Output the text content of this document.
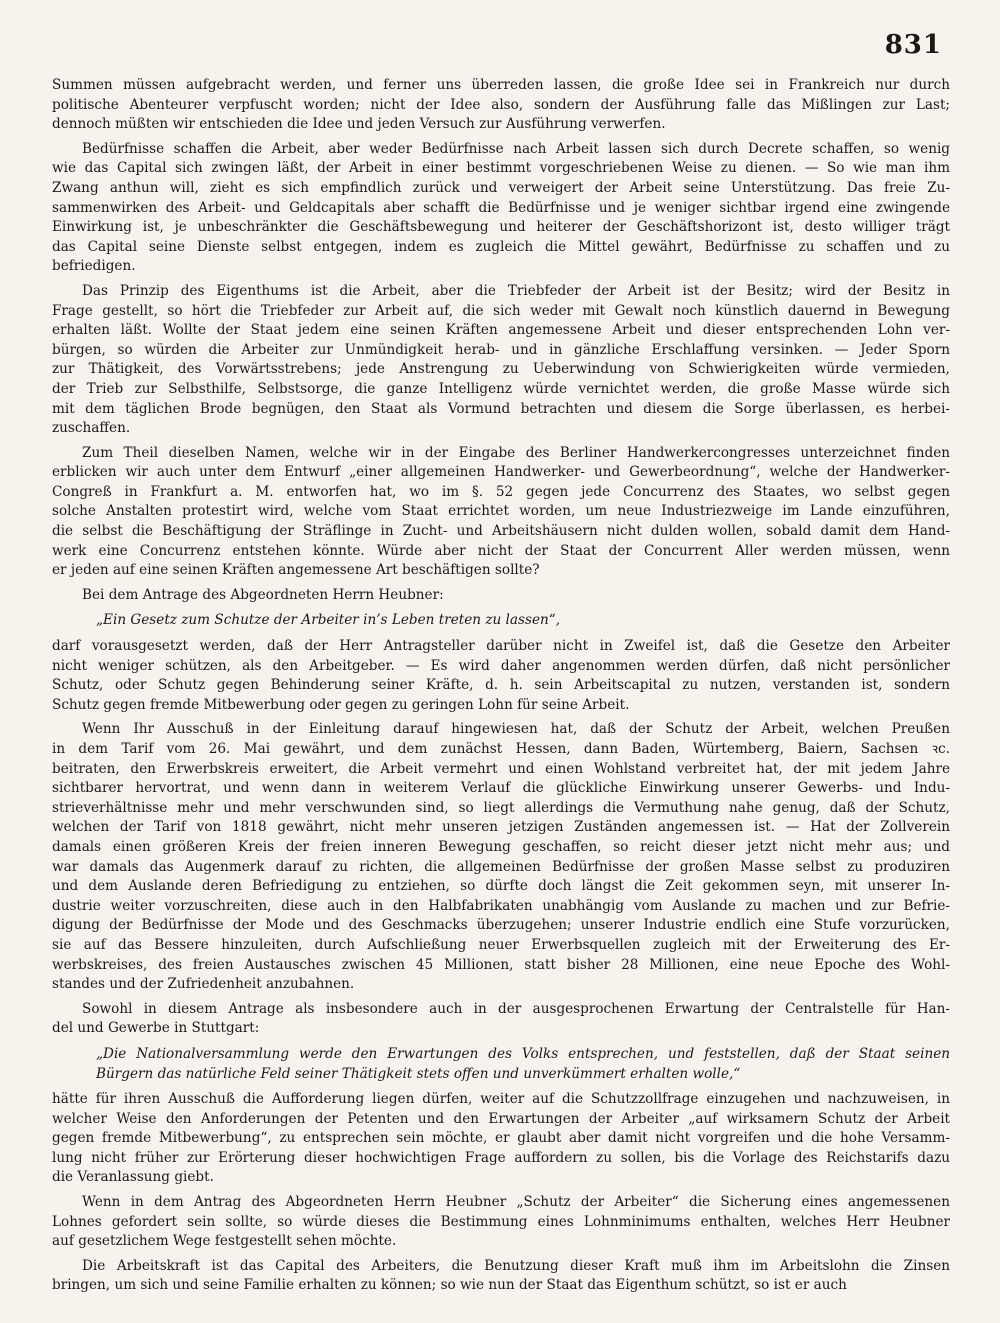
831
Summen müssen aufgebracht werden, und ferner uns überreden lassen, die große Idee sei in Frankreich nur durch
politische Abenteurer verpfuscht worden; nicht der Idee also, sondern der Ausführung falle das Mißlingen zur Last;
dennoch müßten wir entschieden die Idee und jeden Versuch zur Ausführung verwerfen.
Bedürfnisse schaffen die Arbeit, aber weder Bedürfnisse nach Arbeit lassen sich durch Decrete schaffen, so wenig
wie das Capital sich zwingen läßt, der Arbeit in einer bestimmt vorgeschriebenen Weise zu dienen. — So wie man ihm
Zwang anthun will, zieht es sich empfindlich zurück und verweigert der Arbeit seine Unterstützung. Das freie Zu-
sammenwirken des Arbeit- und Geldcapitals aber schafft die Bedürfnisse und je weniger sichtbar irgend eine zwingende
Einwirkung ist, je unbeschränkter die Geschäftsbewegung und heiterer der Geschäftshorizont ist, desto williger trägt
das Capital seine Dienste selbst entgegen, indem es zugleich die Mittel gewährt, Bedürfnisse zu schaffen und zu
befriedigen.
Das Prinzip des Eigenthums ist die Arbeit, aber die Triebfeder der Arbeit ist der Besitz; wird der Besitz in
Frage gestellt, so hört die Triebfeder zur Arbeit auf, die sich weder mit Gewalt noch künstlich dauernd in Bewegung
erhalten läßt. Wollte der Staat jedem eine seinen Kräften angemessene Arbeit und dieser entsprechenden Lohn ver-
bürgen, so würden die Arbeiter zur Unmündigkeit herab- und in gänzliche Erschlaffung versinken. — Jeder Sporn
zur Thätigkeit, des Vorwärtsstrebens; jede Anstrengung zu Ueberwindung von Schwierigkeiten würde vermieden,
der Trieb zur Selbsthilfe, Selbstsorge, die ganze Intelligenz würde vernichtet werden, die große Masse würde sich
mit dem täglichen Brode begnügen, den Staat als Vormund betrachten und diesem die Sorge überlassen, es herbei-
zuschaffen.
Zum Theil dieselben Namen, welche wir in der Eingabe des Berliner Handwerkercongresses unterzeichnet finden
erblicken wir auch unter dem Entwurf „einer allgemeinen Handwerker- und Gewerbeordnung“, welche der Handwerker-
Congreß in Frankfurt a. M. entworfen hat, wo im §. 52 gegen jede Concurrenz des Staates, wo selbst gegen
solche Anstalten protestirt wird, welche vom Staat errichtet worden, um neue Industriezweige im Lande einzuführen,
die selbst die Beschäftigung der Sträflinge in Zucht- und Arbeitshäusern nicht dulden wollen, sobald damit dem Hand-
werk eine Concurrenz entstehen könnte. Würde aber nicht der Staat der Concurrent Aller werden müssen, wenn
er jeden auf eine seinen Kräften angemessene Art beschäftigen sollte?
Bei dem Antrage des Abgeordneten Herrn Heubner:
„Ein Gesetz zum Schutze der Arbeiter in’s Leben treten zu lassen“,
darf vorausgesetzt werden, daß der Herr Antragsteller darüber nicht in Zweifel ist, daß die Gesetze den Arbeiter
nicht weniger schützen, als den Arbeitgeber. — Es wird daher angenommen werden dürfen, daß nicht persönlicher
Schutz, oder Schutz gegen Behinderung seiner Kräfte, d. h. sein Arbeitscapital zu nutzen, verstanden ist, sondern
Schutz gegen fremde Mitbewerbung oder gegen zu geringen Lohn für seine Arbeit.
Wenn Ihr Ausschuß in der Einleitung darauf hingewiesen hat, daß der Schutz der Arbeit, welchen Preußen
in dem Tarif vom 26. Mai gewährt, und dem zunächst Hessen, dann Baden, Würtemberg, Baiern, Sachsen ꝛc.
beitraten, den Erwerbskreis erweitert, die Arbeit vermehrt und einen Wohlstand verbreitet hat, der mit jedem Jahre
sichtbarer hervortrat, und wenn dann in weiterem Verlauf die glückliche Einwirkung unserer Gewerbs- und Indu-
strieverhältnisse mehr und mehr verschwunden sind, so liegt allerdings die Vermuthung nahe genug, daß der Schutz,
welchen der Tarif von 1818 gewährt, nicht mehr unseren jetzigen Zuständen angemessen ist. — Hat der Zollverein
damals einen größeren Kreis der freien inneren Bewegung geschaffen, so reicht dieser jetzt nicht mehr aus; und
war damals das Augenmerk darauf zu richten, die allgemeinen Bedürfnisse der großen Masse selbst zu produziren
und dem Auslande deren Befriedigung zu entziehen, so dürfte doch längst die Zeit gekommen seyn, mit unserer In-
dustrie weiter vorzuschreiten, diese auch in den Halbfabrikaten unabhängig vom Auslande zu machen und zur Befrie-
digung der Bedürfnisse der Mode und des Geschmacks überzugehen; unserer Industrie endlich eine Stufe vorzurücken,
sie auf das Bessere hinzuleiten, durch Aufschließung neuer Erwerbsquellen zugleich mit der Erweiterung des Er-
werbskreises, des freien Austausches zwischen 45 Millionen, statt bisher 28 Millionen, eine neue Epoche des Wohl-
standes und der Zufriedenheit anzubahnen.
Sowohl in diesem Antrage als insbesondere auch in der ausgesprochenen Erwartung der Centralstelle für Han-
del und Gewerbe in Stuttgart:
„Die Nationalversammlung werde den Erwartungen des Volks entsprechen, und feststellen, daß der Staat seinen
Bürgern das natürliche Feld seiner Thätigkeit stets offen und unverkümmert erhalten wolle,“
hätte für ihren Ausschuß die Aufforderung liegen dürfen, weiter auf die Schutzzollfrage einzugehen und nachzuweisen, in
welcher Weise den Anforderungen der Petenten und den Erwartungen der Arbeiter „auf wirksamern Schutz der Arbeit
gegen fremde Mitbewerbung“, zu entsprechen sein möchte, er glaubt aber damit nicht vorgreifen und die hohe Versamm-
lung nicht früher zur Erörterung dieser hochwichtigen Frage auffordern zu sollen, bis die Vorlage des Reichstarifs dazu
die Veranlassung giebt.
Wenn in dem Antrag des Abgeordneten Herrn Heubner „Schutz der Arbeiter“ die Sicherung eines angemessenen
Lohnes gefordert sein sollte, so würde dieses die Bestimmung eines Lohnminimums enthalten, welches Herr Heubner
auf gesetzlichem Wege festgestellt sehen möchte.
Die Arbeitskraft ist das Capital des Arbeiters, die Benutzung dieser Kraft muß ihm im Arbeitslohn die Zinsen
bringen, um sich und seine Familie erhalten zu können; so wie nun der Staat das Eigenthum schützt, so ist er auch
